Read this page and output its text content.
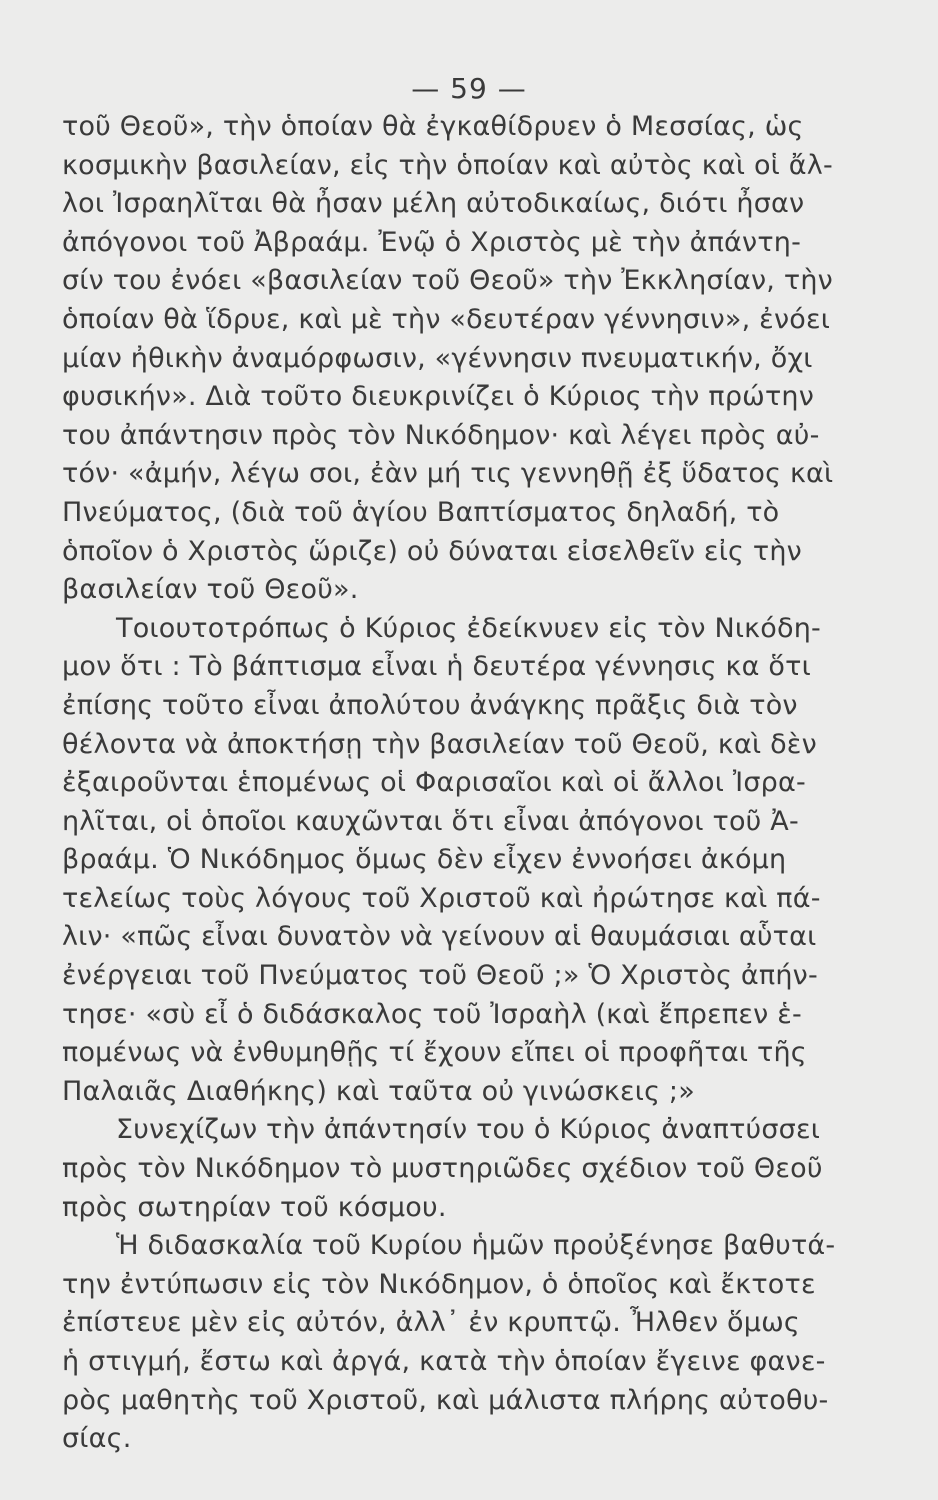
— 59 —
τοῦ Θεοῦ», τὴν ὁποίαν θὰ ἐγκαθίδρυεν ὁ Μεσσίας, ὡς
κοσμικὴν βασιλείαν, εἰς τὴν ὁποίαν καὶ αὐτὸς καὶ οἱ ἄλ-
λοι Ἰσραηλῖται θὰ ἦσαν μέλη αὐτοδικαίως, διότι ἦσαν
ἀπόγονοι τοῦ Ἀβραάμ. Ἐνῷ ὁ Χριστὸς μὲ τὴν ἀπάντη-
σίν του ἐνόει «βασιλείαν τοῦ Θεοῦ» τὴν Ἐκκλησίαν, τὴν
ὁποίαν θὰ ἵδρυε, καὶ μὲ τὴν «δευτέραν γέννησιν», ἐνόει
μίαν ἠθικὴν ἀναμόρφωσιν, «γέννησιν πνευματικήν, ὄχι
φυσικήν». Διὰ τοῦτο διευκρινίζει ὁ Κύριος τὴν πρώτην
του ἀπάντησιν πρὸς τὸν Νικόδημον· καὶ λέγει πρὸς αὐ-
τόν· «ἀμήν, λέγω σοι, ἐὰν μή τις γεννηθῇ ἐξ ὕδατος καὶ
Πνεύματος, (διὰ τοῦ ἁγίου Βαπτίσματος δηλαδή, τὸ
ὁποῖον ὁ Χριστὸς ὥριζε) οὐ δύναται εἰσελθεῖν εἰς τὴν
βασιλείαν τοῦ Θεοῦ».
Τοιουτοτρόπως ὁ Κύριος ἐδείκνυεν εἰς τὸν Νικόδη-
μον ὅτι : Τὸ βάπτισμα εἶναι ἡ δευτέρα γέννησις κα ὅτι
ἐπίσης τοῦτο εἶναι ἀπολύτου ἀνάγκης πρᾶξις διὰ τὸν
θέλοντα νὰ ἀποκτήσῃ τὴν βασιλείαν τοῦ Θεοῦ, καὶ δὲν
ἐξαιροῦνται ἑπομένως οἱ Φαρισαῖοι καὶ οἱ ἄλλοι Ἰσρα-
ηλῖται, οἱ ὁποῖοι καυχῶνται ὅτι εἶναι ἀπόγονοι τοῦ Ἀ-
βραάμ. Ὁ Νικόδημος ὅμως δὲν εἶχεν ἐννοήσει ἀκόμη
τελείως τοὺς λόγους τοῦ Χριστοῦ καὶ ἠρώτησε καὶ πά-
λιν· «πῶς εἶναι δυνατὸν νὰ γείνουν αἱ θαυμάσιαι αὗται
ἐνέργειαι τοῦ Πνεύματος τοῦ Θεοῦ ;» Ὁ Χριστὸς ἀπήν-
τησε· «σὺ εἶ ὁ διδάσκαλος τοῦ Ἰσραὴλ (καὶ ἔπρεπεν ἑ-
πομένως νὰ ἐνθυμηθῇς τί ἔχουν εἴπει οἱ προφῆται τῆς
Παλαιᾶς Διαθήκης) καὶ ταῦτα οὐ γινώσκεις ;»
Συνεχίζων τὴν ἀπάντησίν του ὁ Κύριος ἀναπτύσσει
πρὸς τὸν Νικόδημον τὸ μυστηριῶδες σχέδιον τοῦ Θεοῦ
πρὸς σωτηρίαν τοῦ κόσμου.
Ἡ διδασκαλία τοῦ Κυρίου ἡμῶν προὐξένησε βαθυτά-
την ἐντύπωσιν εἰς τὸν Νικόδημον, ὁ ὁποῖος καὶ ἔκτοτε
ἐπίστευε μὲν εἰς αὐτόν, ἀλλ᾽ ἐν κρυπτῷ. Ἦλθεν ὅμως
ἡ στιγμή, ἔστω καὶ ἀργά, κατὰ τὴν ὁποίαν ἔγεινε φανε-
ρὸς μαθητὴς τοῦ Χριστοῦ, καὶ μάλιστα πλήρης αὐτοθυ-
σίας.
